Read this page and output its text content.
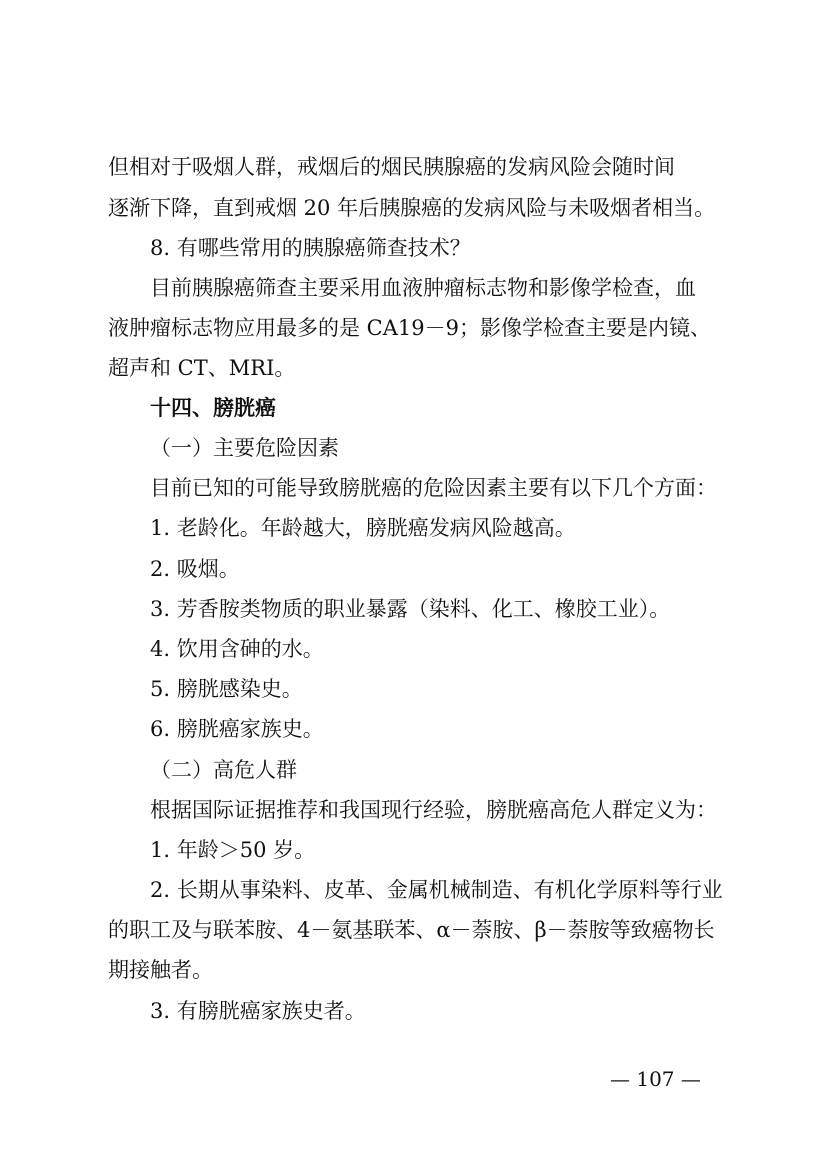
但相对于吸烟人群，戒烟后的烟民胰腺癌的发病风险会随时间
逐渐下降，直到戒烟 20 年后胰腺癌的发病风险与未吸烟者相当。
8. 有哪些常用的胰腺癌筛查技术？
目前胰腺癌筛查主要采用血液肿瘤标志物和影像学检查，血
液肿瘤标志物应用最多的是 CA19－9；影像学检查主要是内镜、
超声和 CT、MRI。
十四、膀胱癌
（一）主要危险因素
目前已知的可能导致膀胱癌的危险因素主要有以下几个方面：
1. 老龄化。年龄越大，膀胱癌发病风险越高。
2. 吸烟。
3. 芳香胺类物质的职业暴露（染料、化工、橡胶工业）。
4. 饮用含砷的水。
5. 膀胱感染史。
6. 膀胱癌家族史。
（二）高危人群
根据国际证据推荐和我国现行经验，膀胱癌高危人群定义为：
1. 年龄＞50 岁。
2. 长期从事染料、皮革、金属机械制造、有机化学原料等行业
的职工及与联苯胺、4－氨基联苯、α－萘胺、β－萘胺等致癌物长
期接触者。
3. 有膀胱癌家族史者。
— 107 —
